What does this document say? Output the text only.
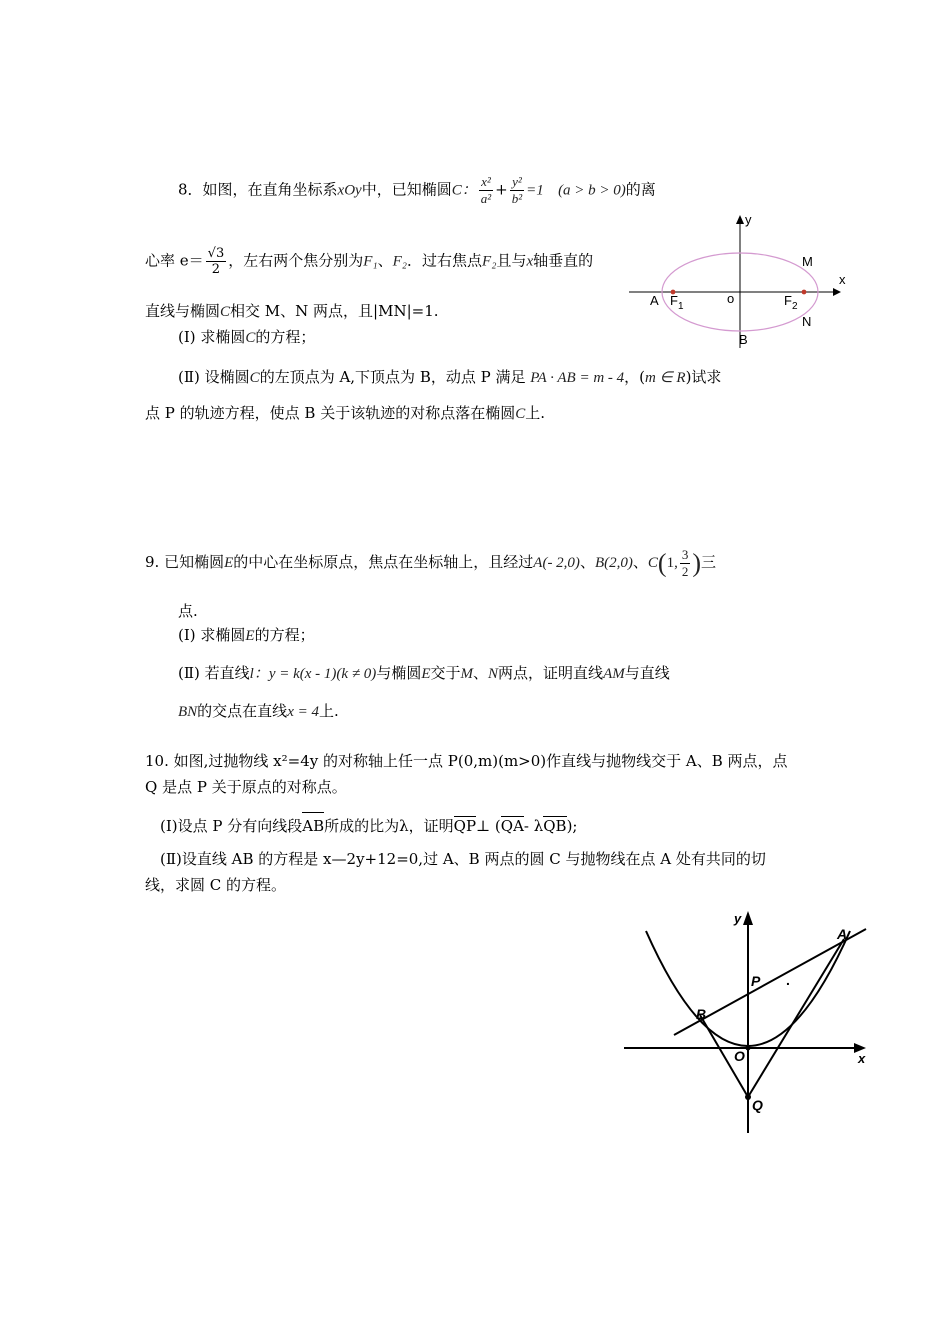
8．如图，在直角坐标系xOy中，已知椭圆C： $\frac{\text{x²}}{\text{a²}} + \frac{\text{y²}}{\text{b²}} =1$ (a > b > 0)的离
心率 $e= \frac{√3}{2}$ ，左右两个焦分别为F₁、F₂．过右焦点F₂且与x轴垂直的
直线与椭圆C相交 M、N 两点，且|MN|=1.
(Ⅰ) 求椭圆C的方程；
(Ⅱ) 设椭圆C的左顶点为 A,下顶点为 B，动点 P 满足 PA · AB = m - 4，(m ∈ R)试求
点 P 的轨迹方程，使点 B 关于该轨迹的对称点落在椭圆C上.
y
x
M
N
A $F_1$
o	$F_2$
B
9. 已知椭圆E的中心在坐标原点，焦点在坐标轴上，且经过A(- 2,0)、B(2,0)、C(1, $\frac{3}{2}$ )三
点.
(Ⅰ) 求椭圆E的方程；
(Ⅱ) 若直线l：y = k(x - 1)(k ≠ 0)与椭圆E交于M、N两点，证明直线AM与直线
BN的交点在直线x = 4上.
10. 如图,过抛物线 x²=4y 的对称轴上任一点 P(0,m)(m>0)作直线与抛物线交于 A、B 两点，点
Q 是点 P 关于原点的对称点。
(Ⅰ)设点 P 分有向线段AB所成的比为λ，证明QP⊥ (QA- λQB);
(Ⅱ)设直线 AB 的方程是 x—2y+12=0,过 A、B 两点的圆 C 与抛物线在点 A 处有共同的切
线，求圆 C 的方程。
y
x
A
P
B
O
Q
.
